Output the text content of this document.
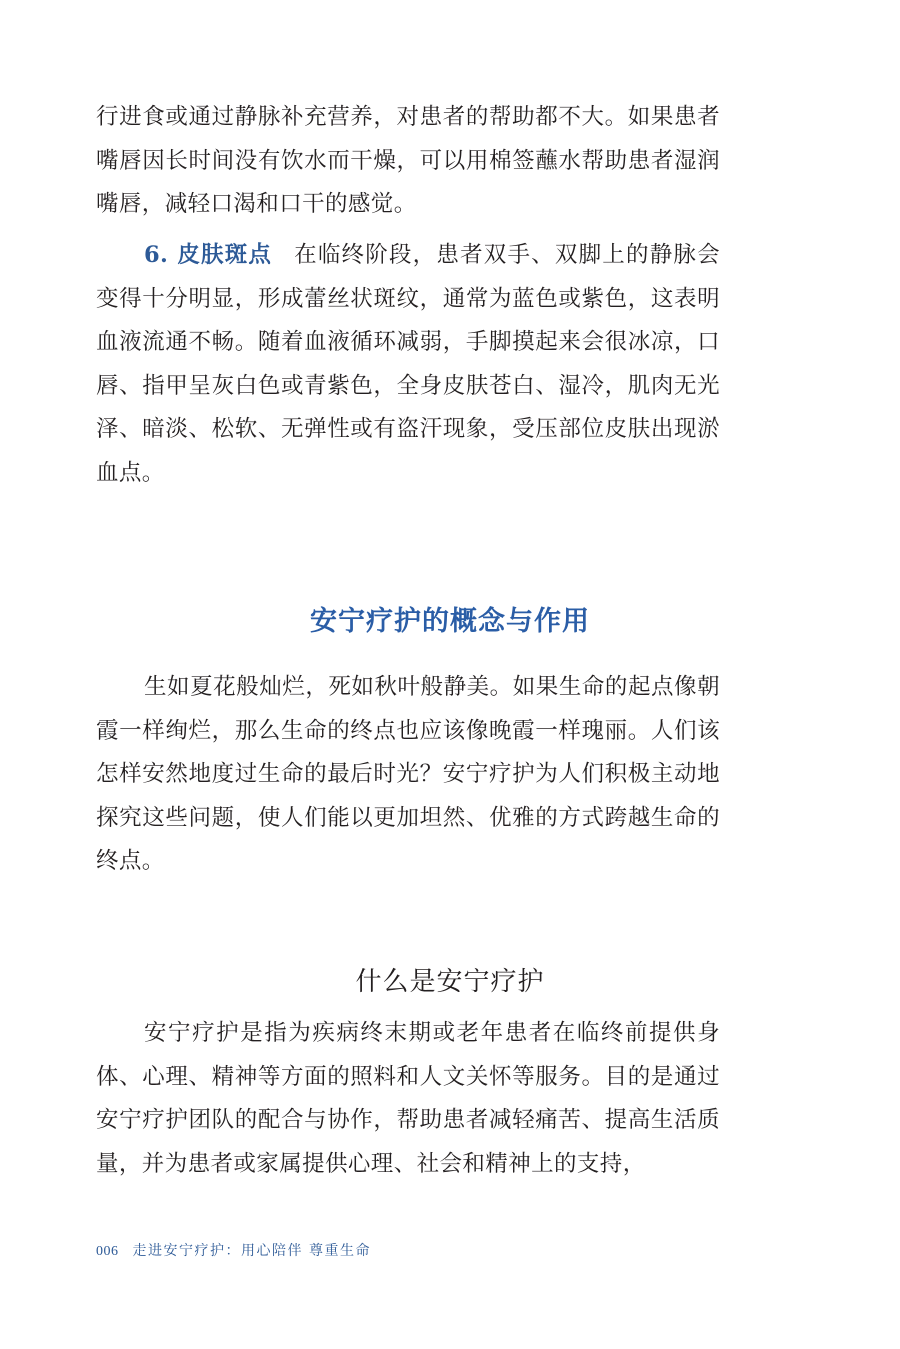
行进食或通过静脉补充营养，对患者的帮助都不大。如果患者嘴唇因长时间没有饮水而干燥，可以用棉签蘸水帮助患者湿润嘴唇，减轻口渴和口干的感觉。

6. 皮肤斑点 在临终阶段，患者双手、双脚上的静脉会变得十分明显，形成蕾丝状斑纹，通常为蓝色或紫色，这表明血液流通不畅。随着血液循环减弱，手脚摸起来会很冰凉，口唇、指甲呈灰白色或青紫色，全身皮肤苍白、湿冷，肌肉无光泽、暗淡、松软、无弹性或有盗汗现象，受压部位皮肤出现淤血点。

安宁疗护的概念与作用

生如夏花般灿烂，死如秋叶般静美。如果生命的起点像朝霞一样绚烂，那么生命的终点也应该像晚霞一样瑰丽。人们该怎样安然地度过生命的最后时光？安宁疗护为人们积极主动地探究这些问题，使人们能以更加坦然、优雅的方式跨越生命的终点。

什么是安宁疗护

安宁疗护是指为疾病终末期或老年患者在临终前提供身体、心理、精神等方面的照料和人文关怀等服务。目的是通过安宁疗护团队的配合与协作，帮助患者减轻痛苦、提高生活质量，并为患者或家属提供心理、社会和精神上的支持，

006 走进安宁疗护：用心陪伴 尊重生命
